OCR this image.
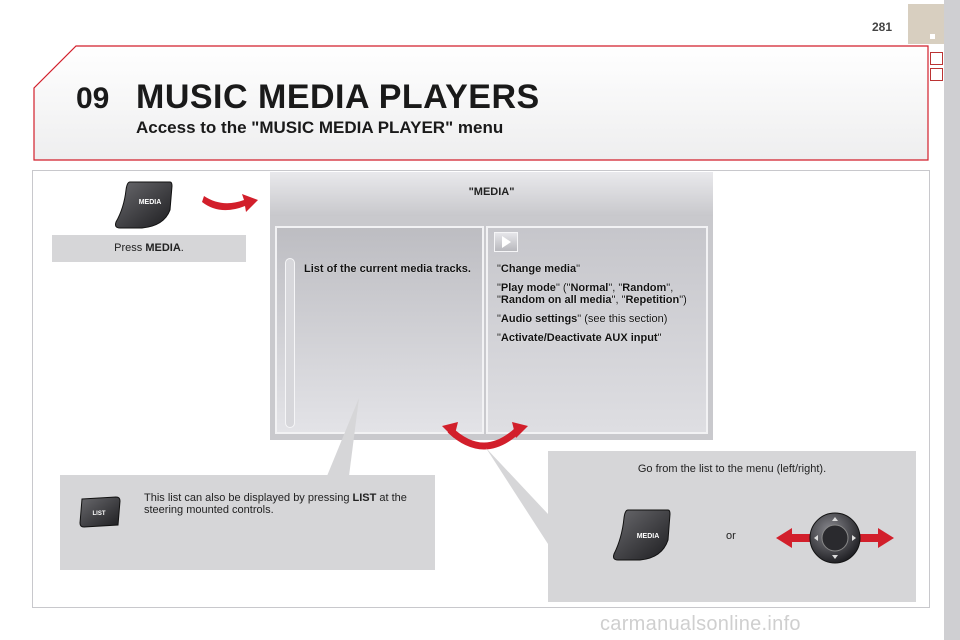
281
09 MUSIC MEDIA PLAYERS
Access to the "MUSIC MEDIA PLAYER" menu
MEDIA
Press MEDIA.
"MEDIA"
List of the current media tracks.	"Change media"

"Play mode" ("Normal", "Random", "Random on all media", "Repetition")

"Audio settings" (see this section)

"Activate/Deactivate AUX input"

LIST
This list can also be displayed by pressing LIST at the steering mounted controls.
Go from the list to the menu (left/right).
MEDIA	or
carmanualsonline.info
